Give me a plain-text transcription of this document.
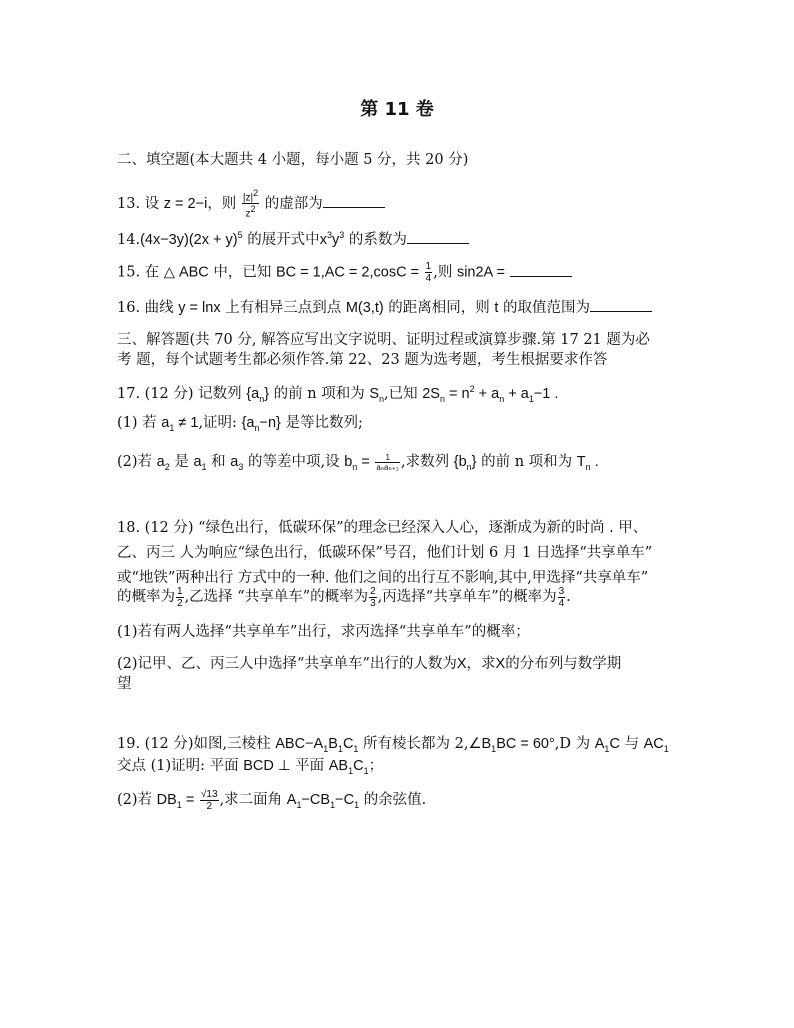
第 11 卷
二、填空题(本大题共 4 小题，每小题 5 分，共 20 分)
13. 设 z = 2−i，则 $\frac{|z|^2}{z^2}$ 的虚部为
$14.(4x-3y)(2x + y)^5$ 的展开式中$x^3y^3$ 的系数为
15. 在 △ ABC 中，已知 BC = $1,AC = 2,\cos C = \frac{1}{4}$ ,则 sin2A =
16. 曲线 y = lnx 上有相异三点到点 M(3,t) 的距离相同，则 t 的取值范围为
三、解答题(共 70 分, 解答应写出文字说明、证明过程或演算步骤.第 17 21 题为必
考 题，每个试题考生都必须作答.第 22、23 题为选考题，考生根据要求作答
17. (12 分) 记数列 $\{a_n\}$ 的前 n 项和为 $S_n$,已知 $2S_n = n^2 + a_n + a_1-1$ .
(1) 若 $a_1 \ne 1$,证明: $\{a_n-n\}$ 是等比数列;
(2)若 $a_2$ 是 $a_1$ 和 $a_3$ 的等差中项,设 $b_n = \frac{1}{\text{aₙaₙ₊₂}}$ ,求数列 $\{b_n\}$ 的前 n 项和为 $T_n$ .
18. (12 分) “绿色出行，低碳环保”的理念已经深入人心，逐渐成为新的时尚 . 甲、
乙、丙三 人为响应“绿色出行，低碳环保”号召，他们计划 6 月 1 日选择“共享单车”
或“地铁”两种出行 方式中的一种. 他们之间的出行互不影响,其中,甲选择“共享单车”
的概率为 $\frac{1}{2}$ ,乙选择 “共享单车”的概率为 $\frac{2}{3}$ ,丙选择“共享单车”的概率为 $\frac{3}{4}$ .
(1)若有两人选择“共享单车”出行，求丙选择“共享单车”的概率；
(2)记甲、乙、丙三人中选择“共享单车”出行的人数为X，求X的分布列与数学期
望
19. (12 分)如图,三棱柱 $ABC-A_1B_1C_1$ 所有棱长都为 $2,\angle B_1BC = 60^\circ,D$ 为 $A_1C$ 与 $AC_1$
交点 (1)证明: 平面 BCD ⊥ 平面 $AB_1C_1$；
(2)若 $DB_1 = \frac{√13}{2}$ ,求二面角 $A_1-CB_1-C_1$ 的余弦值.
